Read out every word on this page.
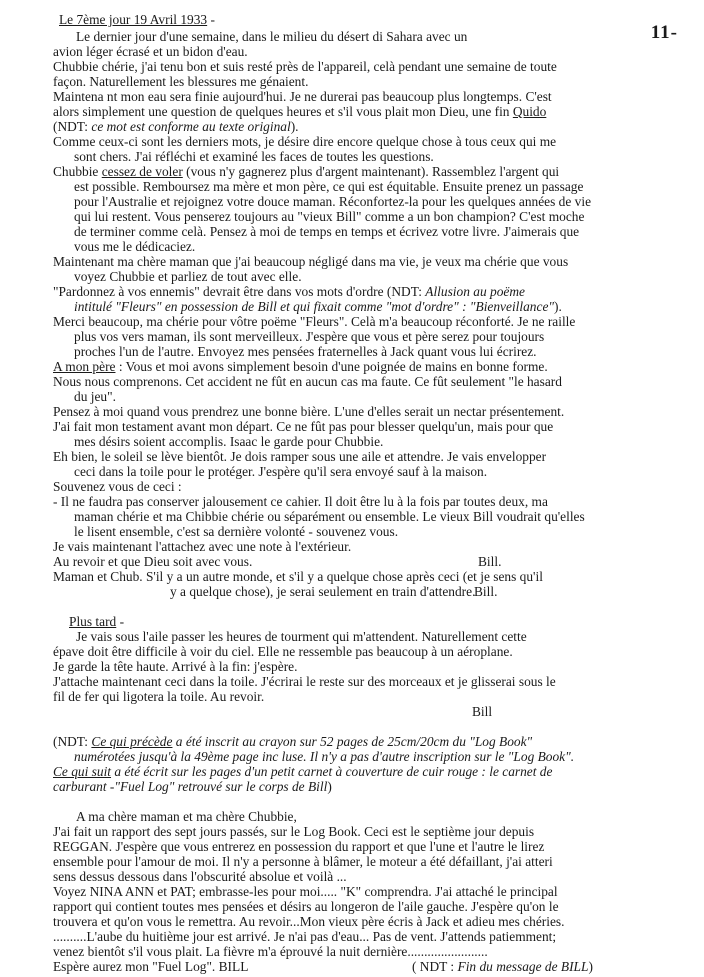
11-
Le 7ème jour 19 Avril 1933 -
Le dernier jour d'une semaine, dans le milieu du désert di Sahara avec un
avion léger écrasé et un bidon d'eau.
Chubbie chérie, j'ai tenu bon et suis resté près de l'appareil, celà pendant une semaine de toute
façon. Naturellement les blessures me génaient.
Maintena nt mon eau sera finie aujourd'hui. Je ne durerai pas beaucoup plus longtemps. C'est
alors simplement une question de quelques heures et s'il vous plait mon Dieu, une fin Quido
(NDT: ce mot est conforme au texte original).
Comme ceux-ci sont les derniers mots, je désire dire encore quelque chose à tous ceux qui me
sont chers. J'ai réfléchi et examiné les faces de toutes les questions.
Chubbie cessez de voler (vous n'y gagnerez plus d'argent maintenant). Rassemblez l'argent qui
est possible. Remboursez ma mère et mon père, ce qui est équitable. Ensuite prenez un passage
pour l'Australie et rejoignez votre douce maman. Réconfortez-la pour les quelques années de vie
qui lui restent. Vous penserez toujours au "vieux Bill" comme a un bon champion? C'est moche
de terminer comme celà. Pensez à moi de temps en temps et écrivez votre livre. J'aimerais que
vous me le dédicaciez.
Maintenant ma chère maman que j'ai beaucoup négligé dans ma vie, je veux ma chérie que vous
voyez Chubbie et parliez de tout avec elle.
"Pardonnez à vos ennemis" devrait être dans vos mots d'ordre (NDT: Allusion au poëme
intitulé "Fleurs" en possession de Bill et qui fixait comme "mot d'ordre" : "Bienveillance").
Merci beaucoup, ma chérie pour vôtre poëme "Fleurs". Celà m'a beaucoup réconforté. Je ne raille
plus vos vers maman, ils sont merveilleux. J'espère que vous et père serez pour toujours
proches l'un de l'autre. Envoyez mes pensées fraternelles à Jack quant vous lui écrirez.
A mon père : Vous et moi avons simplement besoin d'une poignée de mains en bonne forme.
Nous nous comprenons. Cet accident ne fût en aucun cas ma faute. Ce fût seulement "le hasard
du jeu".
Pensez à moi quand vous prendrez une bonne bière. L'une d'elles serait un nectar présentement.
J'ai fait mon testament avant mon départ. Ce ne fût pas pour blesser quelqu'un, mais pour que
mes désirs soient accomplis. Isaac le garde pour Chubbie.
Eh bien, le soleil se lève bientôt. Je dois ramper sous une aile et attendre. Je vais envelopper
ceci dans la toile pour le protéger. J'espère qu'il sera envoyé sauf à la maison.
Souvenez vous de ceci :
- Il ne faudra pas conserver jalousement ce cahier. Il doit être lu à la fois par toutes deux, ma
maman chérie et ma Chibbie chérie ou séparément ou ensemble. Le vieux Bill voudrait qu'elles
le lisent ensemble, c'est sa dernière volonté - souvenez vous.
Je vais maintenant l'attachez avec une note à l'extérieur.
Au revoir et que Dieu soit avec vous.	Bill.
Maman et Chub. S'il y a un autre monde, et s'il y a quelque chose après ceci (et je sens qu'il
y a quelque chose), je serai seulement en train d'attendre.
Bill.
Plus tard -
Je vais sous l'aile passer les heures de tourment qui m'attendent. Naturellement cette
épave doit être difficile à voir du ciel. Elle ne ressemble pas beaucoup à un aéroplane.
Je garde la tête haute. Arrivé à la fin: j'espère.
J'attache maintenant ceci dans la toile. J'écrirai le reste sur des morceaux et je glisserai sous le
fil de fer qui ligotera la toile. Au revoir.
Bill
(NDT: Ce qui précède a été inscrit au crayon sur 52 pages de 25cm/20cm du "Log Book"
numérotées jusqu'à la 49ème page inc luse. Il n'y a pas d'autre inscription sur le "Log Book".
Ce qui suit a été écrit sur les pages d'un petit carnet à couverture de cuir rouge : le carnet de
carburant -"Fuel Log" retrouvé sur le corps de Bill)
A ma chère maman et ma chère Chubbie,
J'ai fait un rapport des sept jours passés, sur le Log Book. Ceci est le septième jour depuis
REGGAN. J'espère que vous entrerez en possession du rapport et que l'une et l'autre le lirez
ensemble pour l'amour de moi. Il n'y a personne à blâmer, le moteur a été défaillant, j'ai atteri
sens dessus dessous dans l'obscurité absolue et voilà ...
Voyez NINA ANN et PAT; embrasse-les pour moi..... "K" comprendra. J'ai attaché le principal
rapport qui contient toutes mes pensées et désirs au longeron de l'aile gauche. J'espère qu'on le
trouvera et qu'on vous le remettra. Au revoir...Mon vieux père écris à Jack et adieu mes chéries.
..........L'aube du huitième jour est arrivé. Je n'ai pas d'eau... Pas de vent. J'attends patiemment;
venez bientôt s'il vous plait. La fièvre m'a éprouvé la nuit dernière........................
Espère aurez mon "Fuel Log". BILL	( NDT : Fin du message de BILL)
